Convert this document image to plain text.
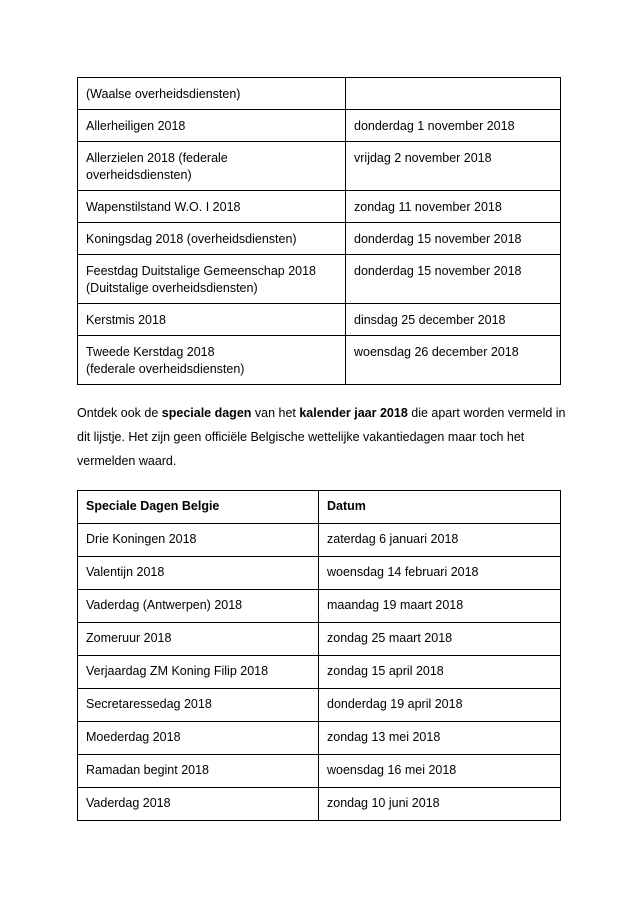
(Waalse overheidsdiensten)	
Allerheiligen 2018	donderdag 1 november 2018
Allerzielen 2018 (federale
overheidsdiensten)	vrijdag 2 november 2018
Wapenstilstand W.O. I 2018	zondag 11 november 2018
Koningsdag 2018 (overheidsdiensten)	donderdag 15 november 2018
Feestdag Duitstalige Gemeenschap 2018
(Duitstalige overheidsdiensten)	donderdag 15 november 2018
Kerstmis 2018	dinsdag 25 december 2018
Tweede Kerstdag 2018
(federale overheidsdiensten)	woensdag 26 december 2018
Ontdek ook de speciale dagen van het kalender jaar 2018 die apart worden vermeld in dit lijstje. Het zijn geen officiële Belgische wettelijke vakantiedagen maar toch het vermelden waard.
Speciale Dagen Belgie	Datum
Drie Koningen 2018	zaterdag 6 januari 2018
Valentijn 2018	woensdag 14 februari 2018
Vaderdag (Antwerpen) 2018	maandag 19 maart 2018
Zomeruur 2018	zondag 25 maart 2018
Verjaardag ZM Koning Filip 2018	zondag 15 april 2018
Secretaressedag 2018	donderdag 19 april 2018
Moederdag 2018	zondag 13 mei 2018
Ramadan begint 2018	woensdag 16 mei 2018
Vaderdag 2018	zondag 10 juni 2018
